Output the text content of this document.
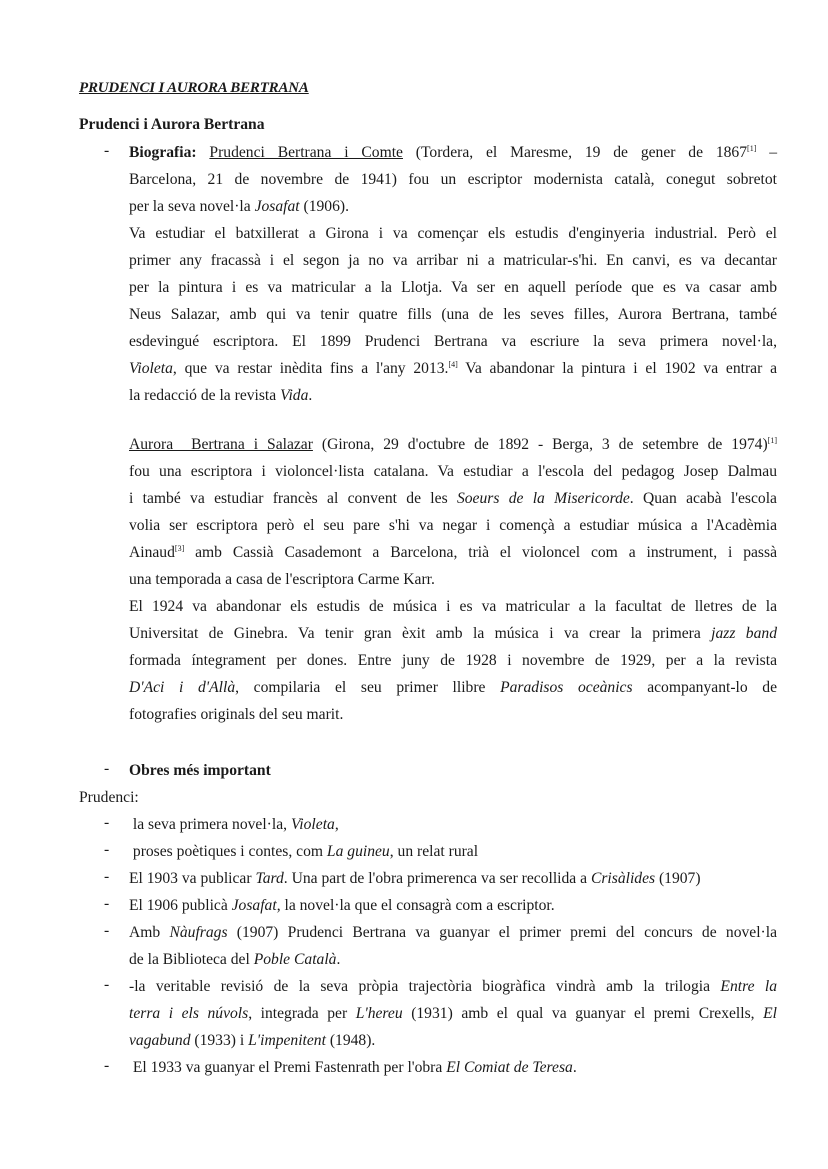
PRUDENCI I AURORA BERTRANA
Prudenci i Aurora Bertrana
- Biografia: Prudenci Bertrana i Comte (Tordera, el Maresme, 19 de gener de 1867[1] –
Barcelona, 21 de novembre de 1941) fou un escriptor modernista català, conegut sobretot
per la seva novel·la Josafat (1906).
Va estudiar el batxillerat a Girona i va començar els estudis d'enginyeria industrial. Però el
primer any fracassà i el segon ja no va arribar ni a matricular-s'hi. En canvi, es va decantar
per la pintura i es va matricular a la Llotja. Va ser en aquell període que es va casar amb
Neus Salazar, amb qui va tenir quatre fills (una de les seves filles, Aurora Bertrana, també
esdevingué escriptora. El 1899 Prudenci Bertrana va escriure la seva primera novel·la,
Violeta, que va restar inèdita fins a l'any 2013.[4] Va abandonar la pintura i el 1902 va entrar a
la redacció de la revista Vida.
Aurora  Bertrana i Salazar (Girona, 29 d'octubre de 1892 - Berga, 3 de setembre de 1974)[1]
fou una escriptora i violoncel·lista catalana. Va estudiar a l'escola del pedagog Josep Dalmau
i també va estudiar francès al convent de les Soeurs de la Misericorde. Quan acabà l'escola
volia ser escriptora però el seu pare s'hi va negar i començà a estudiar música a l'Acadèmia
Ainaud[3] amb Cassià Casademont a Barcelona, trià el violoncel com a instrument, i passà
una temporada a casa de l'escriptora Carme Karr.
El 1924 va abandonar els estudis de música i es va matricular a la facultat de lletres de la
Universitat de Ginebra. Va tenir gran èxit amb la música i va crear la primera jazz band
formada íntegrament per dones. Entre juny de 1928 i novembre de 1929, per a la revista
D'Aci i d'Allà, compilaria el seu primer llibre Paradisos oceànics acompanyant-lo de
fotografies originals del seu marit.
- Obres més important
Prudenci:
- la seva primera novel·la, Violeta,
- proses poètiques i contes, com La guineu, un relat rural
- El 1903 va publicar Tard. Una part de l'obra primerenca va ser recollida a Crisàlides (1907)
- El 1906 publicà Josafat, la novel·la que el consagrà com a escriptor.
- Amb Nàufrags (1907) Prudenci Bertrana va guanyar el primer premi del concurs de novel·la
de la Biblioteca del Poble Català.
- -la veritable revisió de la seva pròpia trajectòria biogràfica vindrà amb la trilogia Entre la
terra i els núvols, integrada per L'hereu (1931) amb el qual va guanyar el premi Crexells, El
vagabund (1933) i L'impenitent (1948).
- El 1933 va guanyar el Premi Fastenrath per l'obra El Comiat de Teresa.
